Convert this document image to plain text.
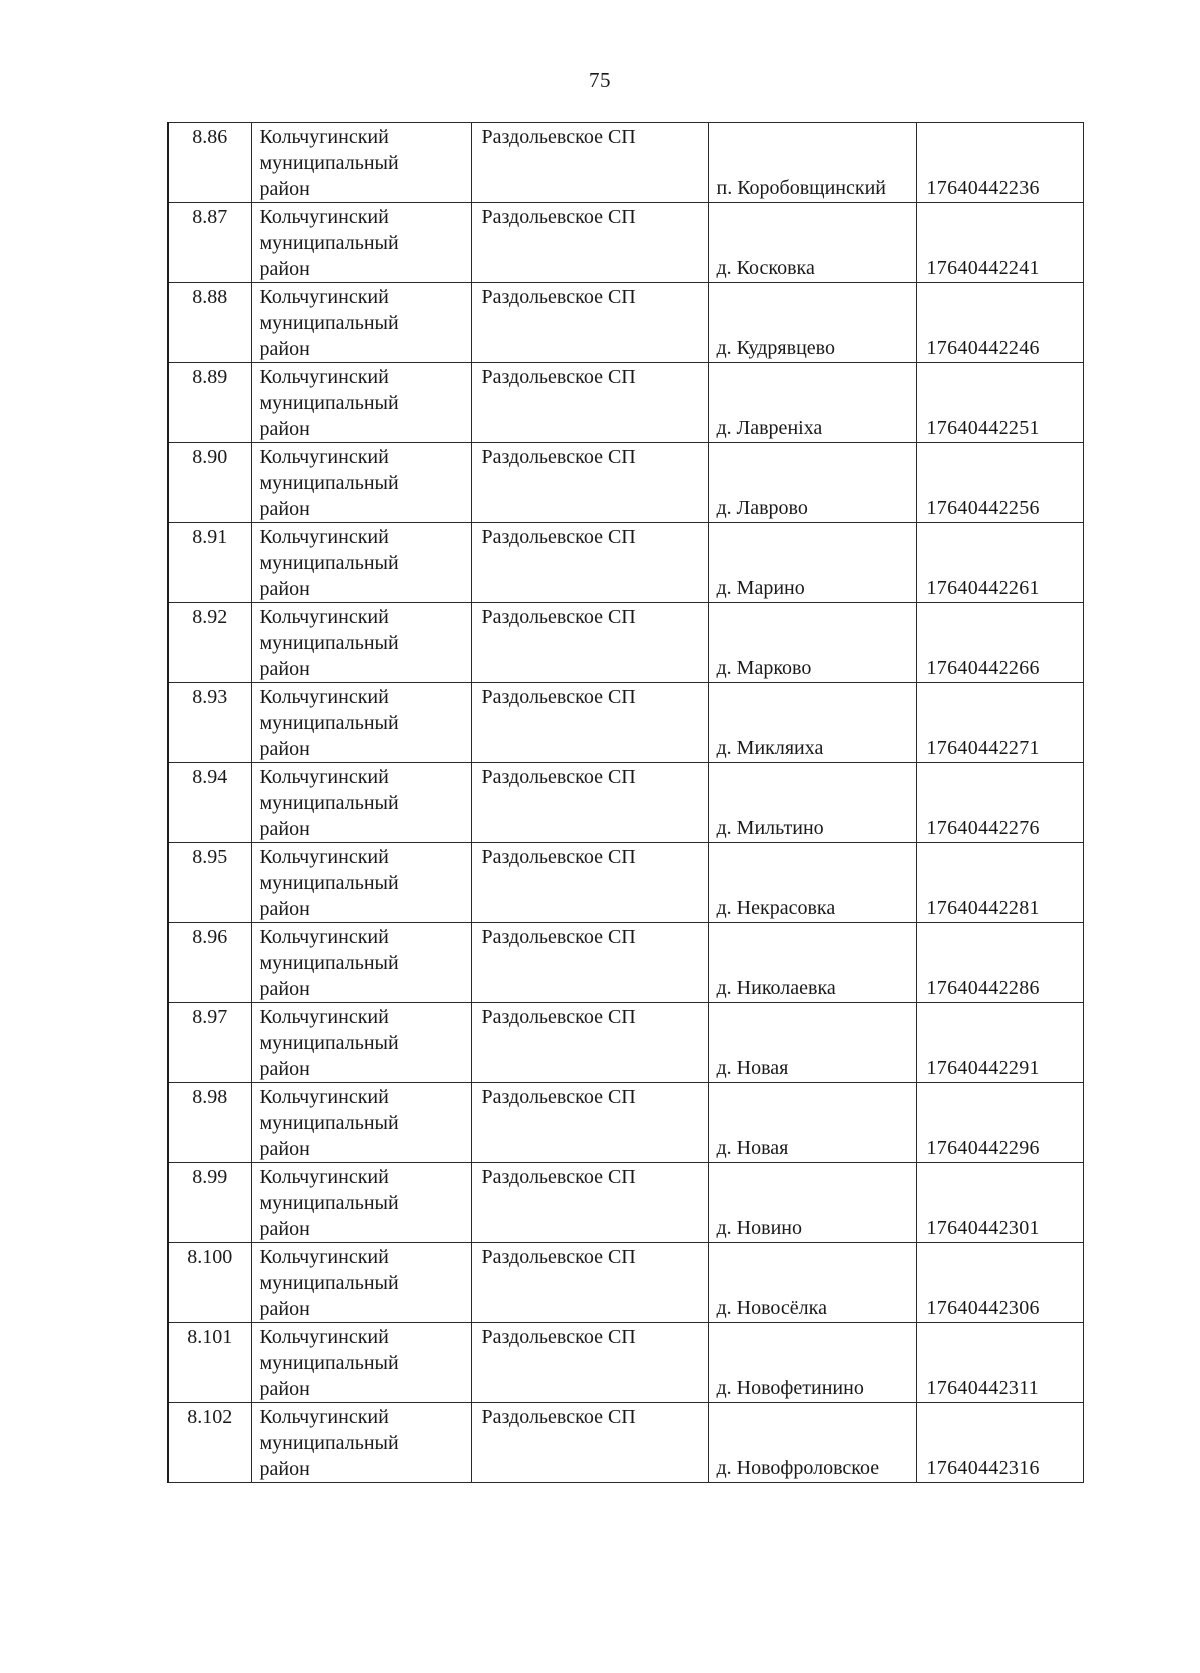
75
8.86	Кольчугинский
муниципальный
район	Раздольевское СП	п. Коробовщинский	17640442236
8.87	Кольчугинский
муниципальный
район	Раздольевское СП	д. Косковка	17640442241
8.88	Кольчугинский
муниципальный
район	Раздольевское СП	д. Кудрявцево	17640442246
8.89	Кольчугинский
муниципальный
район	Раздольевское СП	д. Лавренiха	17640442251
8.90	Кольчугинский
муниципальный
район	Раздольевское СП	д. Лаврово	17640442256
8.91	Кольчугинский
муниципальный
район	Раздольевское СП	д. Марино	17640442261
8.92	Кольчугинский
муниципальный
район	Раздольевское СП	д. Марково	17640442266
8.93	Кольчугинский
муниципальный
район	Раздольевское СП	д. Микляиха	17640442271
8.94	Кольчугинский
муниципальный
район	Раздольевское СП	д. Мильтино	17640442276
8.95	Кольчугинский
муниципальный
район	Раздольевское СП	д. Некрасовка	17640442281
8.96	Кольчугинский
муниципальный
район	Раздольевское СП	д. Николаевка	17640442286
8.97	Кольчугинский
муниципальный
район	Раздольевское СП	д. Новая	17640442291
8.98	Кольчугинский
муниципальный
район	Раздольевское СП	д. Новая	17640442296
8.99	Кольчугинский
муниципальный
район	Раздольевское СП	д. Новино	17640442301
8.100	Кольчугинский
муниципальный
район	Раздольевское СП	д. Новосёлка	17640442306
8.101	Кольчугинский
муниципальный
район	Раздольевское СП	д. Новофетинино	17640442311
8.102	Кольчугинский
муниципальный
район	Раздольевское СП	д. Новофроловское	17640442316
